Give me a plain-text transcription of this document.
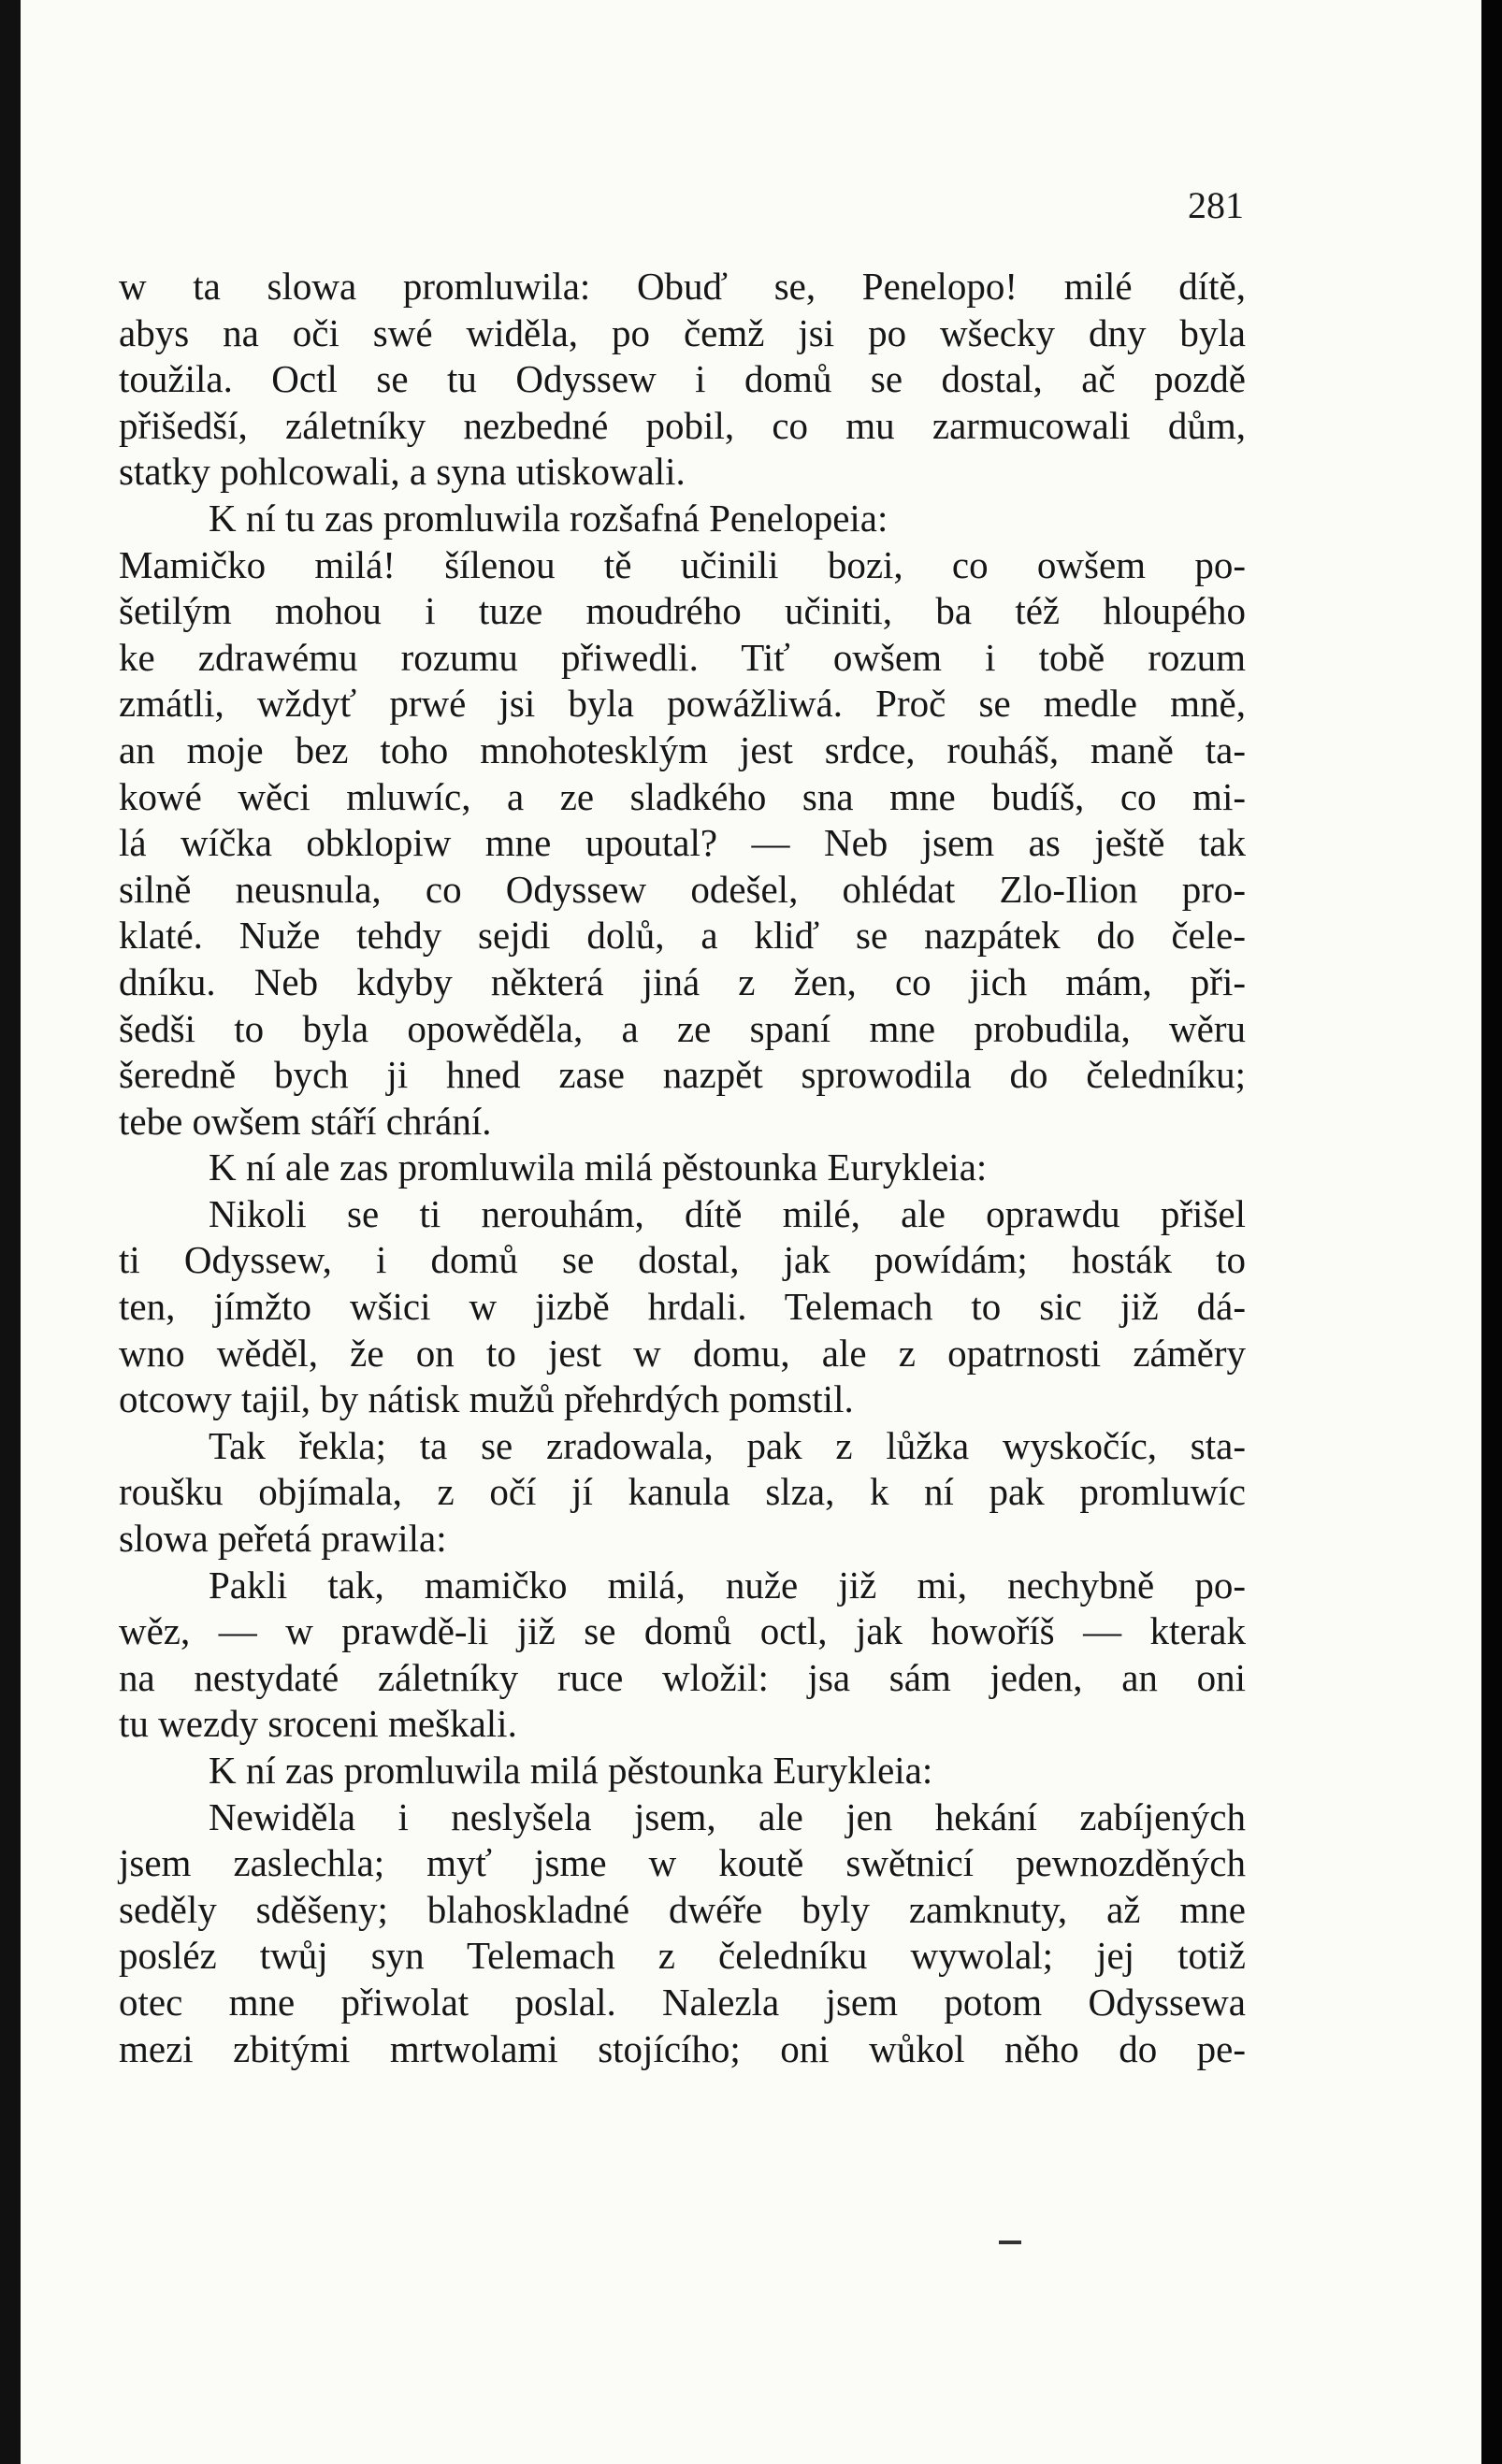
281
w ta slowa promluwila: Obuď se, Penelopo! milé dítě,
abys na oči swé widěla, po čemž jsi po wšecky dny byla
toužila. Octl se tu Odyssew i domů se dostal, ač pozdě
přišedší, záletníky nezbedné pobil, co mu zarmucowali dům,
statky pohlcowali, a syna utiskowali.
K ní tu zas promluwila rozšafná Penelopeia:
Mamičko milá! šílenou tě učinili bozi, co owšem po-
šetilým mohou i tuze moudrého učiniti, ba též hloupého
ke zdrawému rozumu přiwedli. Tiť owšem i tobě rozum
zmátli, wždyť prwé jsi byla powážliwá. Proč se medle mně,
an moje bez toho mnohotesklým jest srdce, rouháš, maně ta-
kowé wěci mluwíc, a ze sladkého sna mne budíš, co mi-
lá wíčka obklopiw mne upoutal? — Neb jsem as ještě tak
silně neusnula, co Odyssew odešel, ohlédat Zlo-Ilion pro-
klaté. Nuže tehdy sejdi dolů, a kliď se nazpátek do čele-
dníku. Neb kdyby některá jiná z žen, co jich mám, při-
šedši to byla opowěděla, a ze spaní mne probudila, wěru
šeredně bych ji hned zase nazpět sprowodila do čeledníku;
tebe owšem stáří chrání.
K ní ale zas promluwila milá pěstounka Eurykleia:
Nikoli se ti nerouhám, dítě milé, ale oprawdu přišel
ti Odyssew, i domů se dostal, jak powídám; hosták to
ten, jímžto wšici w jizbě hrdali. Telemach to sic již dá-
wno wěděl, že on to jest w domu, ale z opatrnosti záměry
otcowy tajil, by nátisk mužů přehrdých pomstil.
Tak řekla; ta se zradowala, pak z lůžka wyskočíc, sta-
roušku objímala, z očí jí kanula slza, k ní pak promluwíc
slowa peřetá prawila:
Pakli tak, mamičko milá, nuže již mi, nechybně po-
wěz, — w prawdě-li již se domů octl, jak howoříš — kterak
na nestydaté záletníky ruce wložil: jsa sám jeden, an oni
tu wezdy sroceni meškali.
K ní zas promluwila milá pěstounka Eurykleia:
Newiděla i neslyšela jsem, ale jen hekání zabíjených
jsem zaslechla; myť jsme w koutě swětnicí pewnozděných
seděly sděšeny; blahoskladné dwéře byly zamknuty, až mne
posléz twůj syn Telemach z čeledníku wywolal; jej totiž
otec mne přiwolat poslal. Nalezla jsem potom Odyssewa
mezi zbitými mrtwolami stojícího; oni wůkol něho do pe-
